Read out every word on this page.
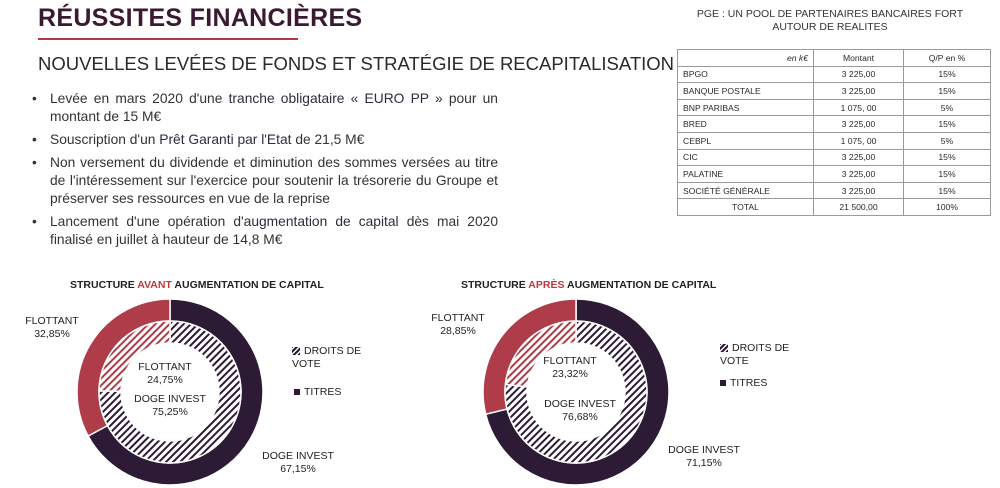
RÉUSSITES FINANCIÈRES
NOUVELLES LEVÉES DE FONDS ET STRATÉGIE DE RECAPITALISATION
• Levée en mars 2020 d'une tranche obligataire « EURO PP » pour un montant de 15 M€
• Souscription d'un Prêt Garanti par l'Etat de 21,5 M€
• Non versement du dividende et diminution des sommes versées au titre de l'intéressement sur l'exercice pour soutenir la trésorerie du Groupe et préserver ses ressources en vue de la reprise
• Lancement d'une opération d'augmentation de capital dès mai 2020 finalisé en juillet à hauteur de 14,8 M€
PGE : UN POOL DE PARTENAIRES BANCAIRES FORT AUTOUR DE REALITES
en k€	Montant	Q/P en %
BPGO	3 225,00	15%
BANQUE POSTALE	3 225,00	15%
BNP PARIBAS	1 075, 00	5%
BRED	3 225,00	15%
CEBPL	1 075, 00	5%
CIC	3 225,00	15%
PALATINE	3 225,00	15%
SOCIÉTÉ GÉNÉRALE	3 225,00	15%
TOTAL	21 500,00	100%
STRUCTURE AVANT AUGMENTATION DE CAPITAL
FLOTTANT
32,85%
FLOTTANT
24,75%
DOGE INVEST
75,25%
DOGE INVEST
67,15%
DROITS DE VOTE
TITRES
STRUCTURE APRÈS AUGMENTATION DE CAPITAL
FLOTTANT
28,85%
FLOTTANT
23,32%
DOGE INVEST
76,68%
DOGE INVEST
71,15%
DROITS DE VOTE
TITRES
